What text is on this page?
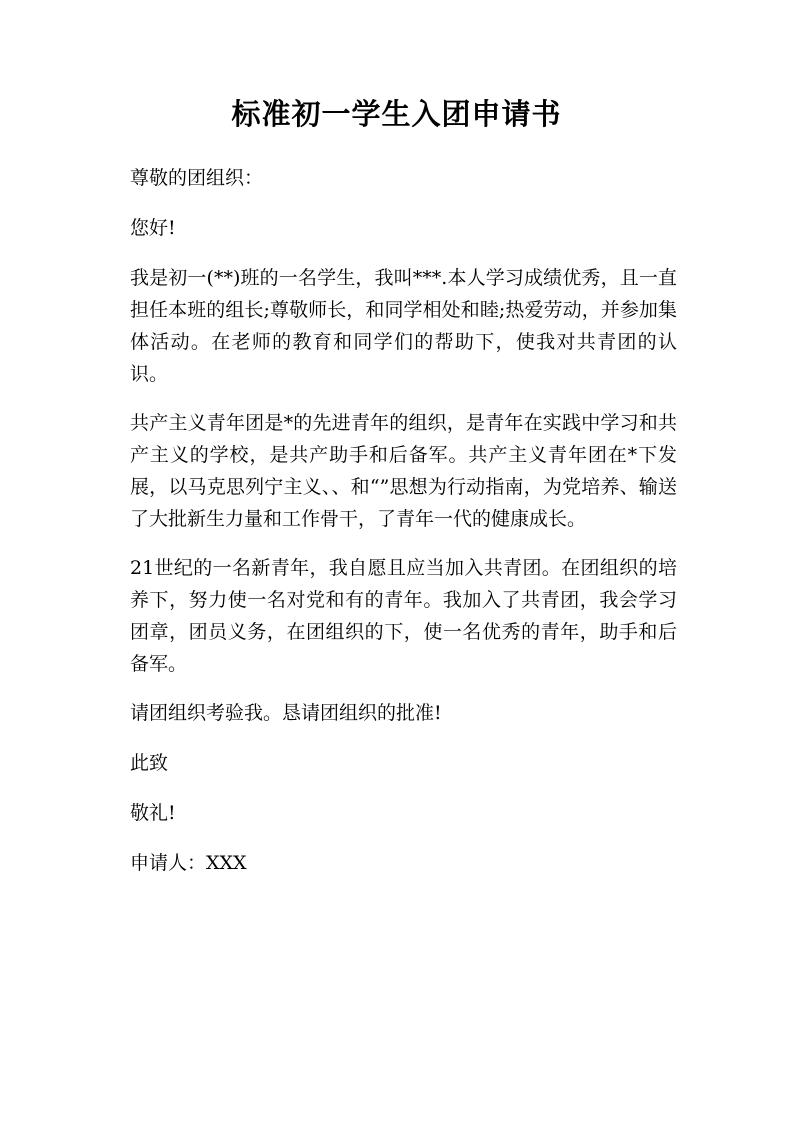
标准初一学生入团申请书

尊敬的团组织：

您好!

我是初一(**)班的一名学生，我叫***.本人学习成绩优秀，且一直担任本班的组长;尊敬师长，和同学相处和睦;热爱劳动，并参加集体活动。在老师的教育和同学们的帮助下，使我对共青团的认识。

共产主义青年团是*的先进青年的组织，是青年在实践中学习和共产主义的学校，是共产助手和后备军。共产主义青年团在*下发展，以马克思列宁主义、、和“”思想为行动指南，为党培养、输送了大批新生力量和工作骨干，了青年一代的健康成长。

21世纪的一名新青年，我自愿且应当加入共青团。在团组织的培养下，努力使一名对党和有的青年。我加入了共青团，我会学习团章，团员义务，在团组织的下，使一名优秀的青年，助手和后备军。

请团组织考验我。恳请团组织的批准!

此致

敬礼!

申请人：XXX
